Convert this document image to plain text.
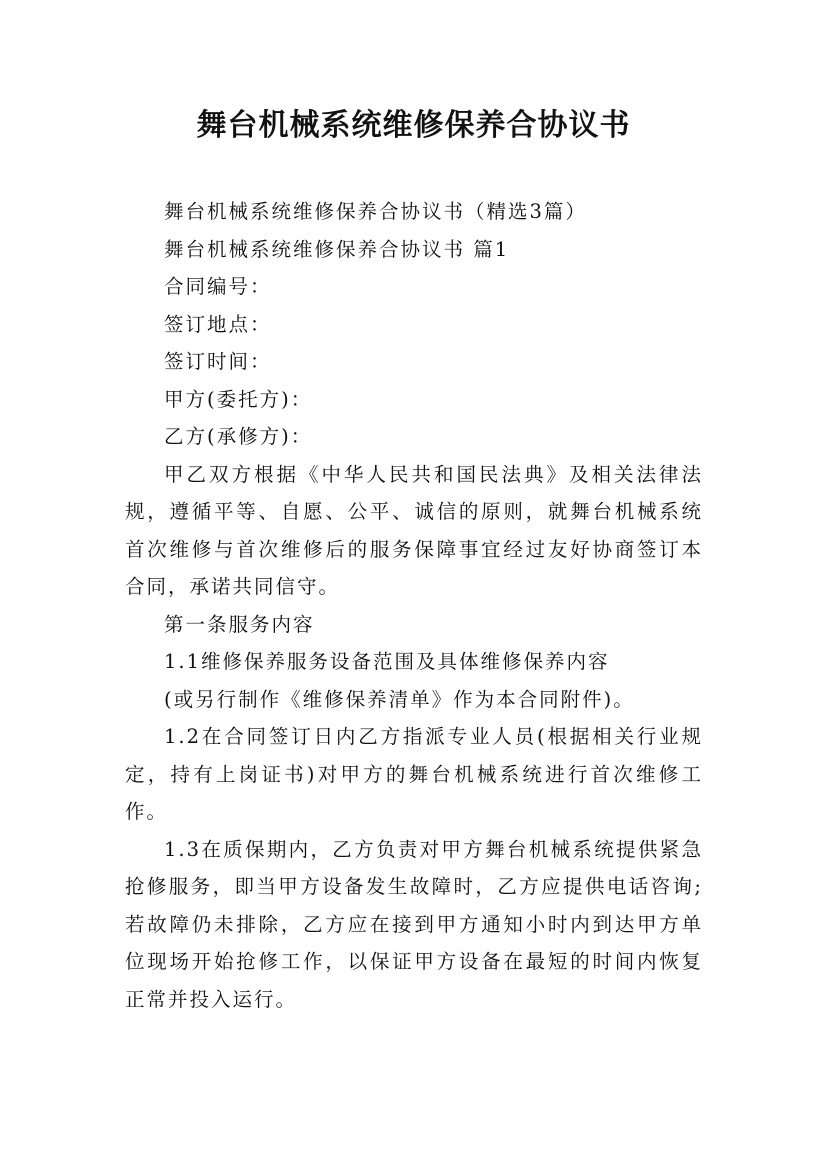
舞台机械系统维修保养合协议书

舞台机械系统维修保养合协议书（精选3篇）

舞台机械系统维修保养合协议书 篇1

合同编号：

签订地点：

签订时间：

甲方(委托方)：

乙方(承修方)：

甲乙双方根据《中华人民共和国民法典》及相关法律法规，遵循平等、自愿、公平、诚信的原则，就舞台机械系统首次维修与首次维修后的服务保障事宜经过友好协商签订本合同，承诺共同信守。

第一条服务内容

1.1维修保养服务设备范围及具体维修保养内容

(或另行制作《维修保养清单》作为本合同附件)。

1.2在合同签订日内乙方指派专业人员(根据相关行业规定，持有上岗证书)对甲方的舞台机械系统进行首次维修工作。

1.3在质保期内，乙方负责对甲方舞台机械系统提供紧急抢修服务，即当甲方设备发生故障时，乙方应提供电话咨询;若故障仍未排除，乙方应在接到甲方通知小时内到达甲方单位现场开始抢修工作，以保证甲方设备在最短的时间内恢复正常并投入运行。
